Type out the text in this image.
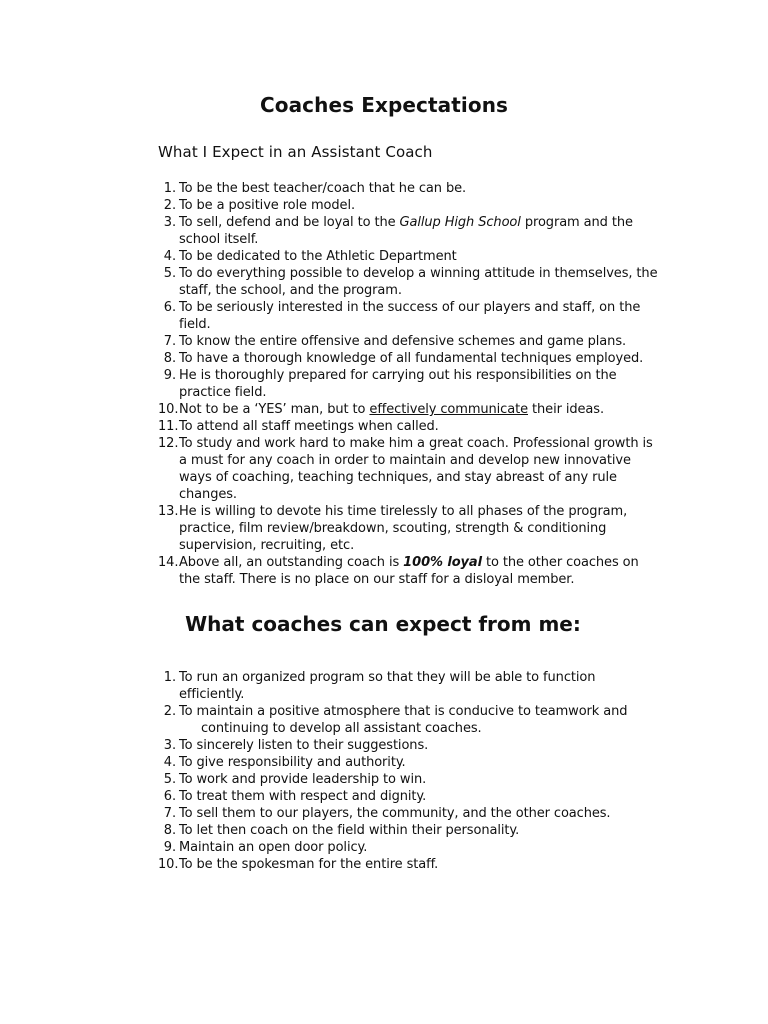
Coaches Expectations
What I Expect in an Assistant Coach
1 . To be the best teacher/coach that he can be.
2 . To be a positive role model.
3 . To sell, defend and be loyal to the Gallup High School program and the school itself.
4 . To be dedicated to the Athletic Department
5 . To do everything possible to develop a winning attitude in themselves, the staff, the school, and the program.
6 . To be seriously interested in the success of our players and staff, on the field.
7 . To know the entire offensive and defensive schemes and game plans.
8 . To have a thorough knowledge of all fundamental techniques employed.
9 . He is thoroughly prepared for carrying out his responsibilities on the practice field.
10 . Not to be a ‘YES’ man, but to effectively communicate their ideas.
11 . To attend all staff meetings when called.
12 . To study and work hard to make him a great coach. Professional growth is a must for any coach in order to maintain and develop new innovative ways of coaching, teaching techniques, and stay abreast of any rule changes.
13 . He is willing to devote his time tirelessly to all phases of the program, practice, film review/breakdown, scouting, strength & conditioning supervision, recruiting, etc.
14 . Above all, an outstanding coach is 100% loyal to the other coaches on the staff. There is no place on our staff for a disloyal member.
What coaches can expect from me:
1 . To run an organized program so that they will be able to function efficiently.
2 . To maintain a positive atmosphere that is conducive to teamwork and
continuing to develop all assistant coaches.
3 . To sincerely listen to their suggestions.
4 . To give responsibility and authority.
5 . To work and provide leadership to win.
6 . To treat them with respect and dignity.
7 . To sell them to our players, the community, and the other coaches.
8 . To let then coach on the field within their personality.
9 . Maintain an open door policy.
10 . To be the spokesman for the entire staff.
